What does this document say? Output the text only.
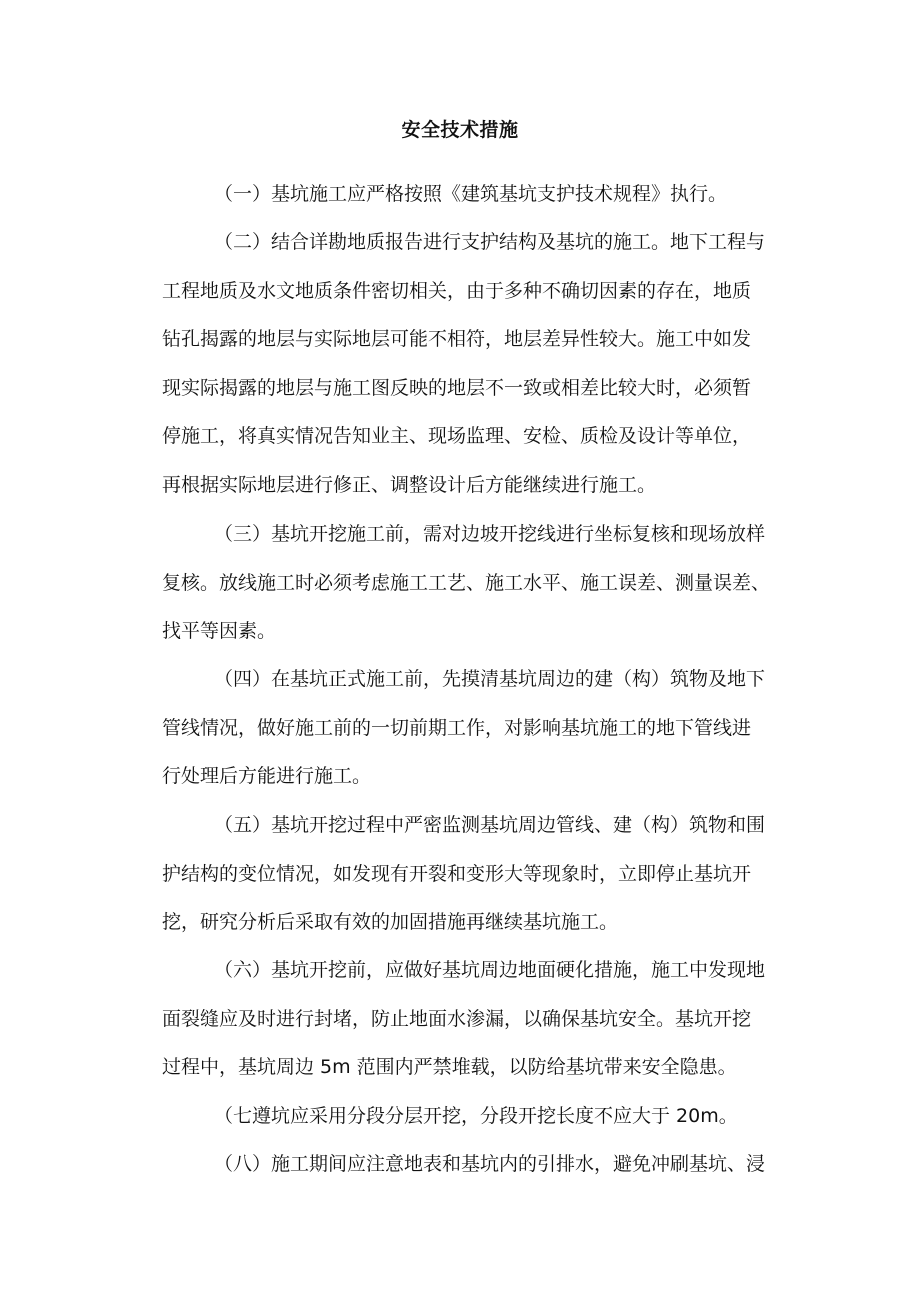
安全技术措施
（一）基坑施工应严格按照《建筑基坑支护技术规程》执行。
（二）结合详勘地质报告进行支护结构及基坑的施工。地下工程与
工程地质及水文地质条件密切相关，由于多种不确切因素的存在，地质
钻孔揭露的地层与实际地层可能不相符，地层差异性较大。施工中如发
现实际揭露的地层与施工图反映的地层不一致或相差比较大时，必须暂
停施工，将真实情况告知业主、现场监理、安检、质检及设计等单位，
再根据实际地层进行修正、调整设计后方能继续进行施工。
（三）基坑开挖施工前，需对边坡开挖线进行坐标复核和现场放样
复核。放线施工时必须考虑施工工艺、施工水平、施工误差、测量误差、
找平等因素。
（四）在基坑正式施工前，先摸清基坑周边的建（构）筑物及地下
管线情况，做好施工前的一切前期工作，对影响基坑施工的地下管线进
行处理后方能进行施工。
（五）基坑开挖过程中严密监测基坑周边管线、建（构）筑物和围
护结构的变位情况，如发现有开裂和变形大等现象时，立即停止基坑开
挖，研究分析后采取有效的加固措施再继续基坑施工。
（六）基坑开挖前，应做好基坑周边地面硬化措施，施工中发现地
面裂缝应及时进行封堵，防止地面水渗漏，以确保基坑安全。基坑开挖
过程中，基坑周边 5m 范围内严禁堆载，以防给基坑带来安全隐患。
（七遵坑应采用分段分层开挖，分段开挖长度不应大于 20m。
（八）施工期间应注意地表和基坑内的引排水，避免冲刷基坑、浸
